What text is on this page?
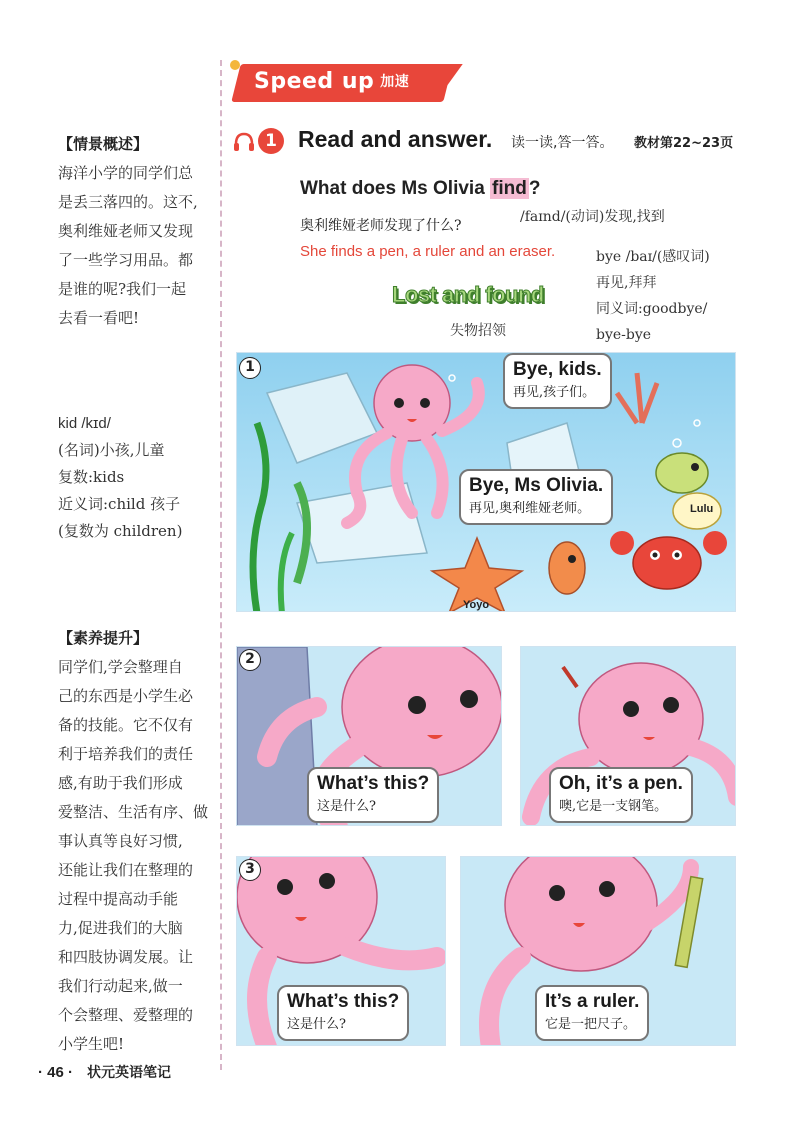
Speed up 加速
【情景概述】
海洋小学的同学们总
是丢三落四的。这不,
奥利维娅老师又发现
了一些学习用品。都
是谁的呢?我们一起
去看一看吧!
kid /kɪd/
(名词)小孩,儿童
复数:kids
近义词:child 孩子
(复数为 children)
【素养提升】
同学们,学会整理自
己的东西是小学生必
备的技能。它不仅有
利于培养我们的责任
感,有助于我们形成
爱整洁、生活有序、做
事认真等良好习惯,
还能让我们在整理的
过程中提高动手能
力,促进我们的大脑
和四肢协调发展。让
我们行动起来,做一
个会整理、爱整理的
小学生吧!
1 Read and answer. 读一读,答一答。 教材第22~23页
What does Ms Olivia find ?
奥利维娅老师发现了什么?
She finds a pen, a ruler and an eraser.
/faɪnd/(动词)发现,找到
bye /baɪ/(感叹词)
再见,拜拜
同义词:goodbye/
bye-bye
Lost and found
失物招领
1	Bye, kids.
再见,孩子们。
Bye, Ms Olivia.
再见,奥利维娅老师。	Lulu
Yoyo
2
What’s this?
这是什么?
Oh, it’s a pen.
噢,它是一支钢笔。
3
What’s this?
这是什么?
It’s a ruler.
它是一把尺子。
· 46 · 状元英语笔记
